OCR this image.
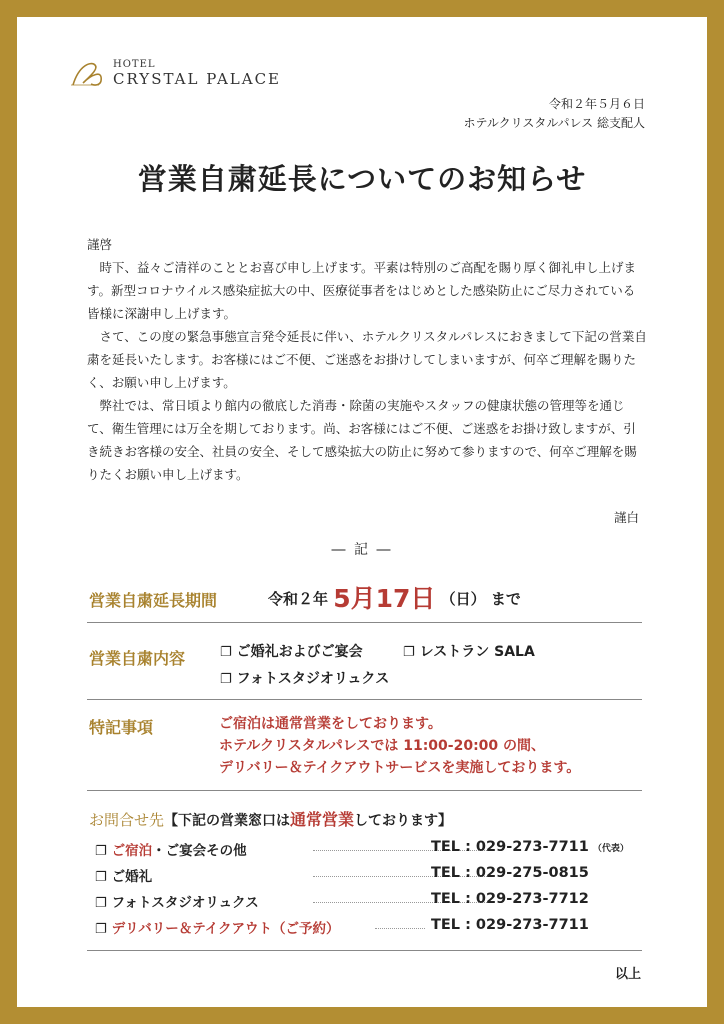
HOTEL
CRYSTAL PALACE
令和２年５月６日
ホテルクリスタルパレス 総支配人
営業自粛延長についてのお知らせ

謹啓

時下、益々ご清祥のこととお喜び申し上げます。平素は特別のご高配を賜り厚く御礼申し上げます。新型コロナウイルス感染症拡大の中、医療従事者をはじめとした感染防止にご尽力されている皆様に深謝申し上げます。

さて、この度の緊急事態宣言発令延長に伴い、ホテルクリスタルパレスにおきまして下記の営業自粛を延長いたします。お客様にはご不便、ご迷惑をお掛けしてしまいますが、何卒ご理解を賜りたく、お願い申し上げます。

弊社では、常日頃より館内の徹底した消毒・除菌の実施やスタッフの健康状態の管理等を通じて、衛生管理には万全を期しております。尚、お客様にはご不便、ご迷惑をお掛け致しますが、引き続きお客様の安全、社員の安全、そして感染拡大の防止に努めて参りますので、何卒ご理解を賜りたくお願い申し上げます。

謹白
― 記 ―
営業自粛延長期間	令和２年 5月17日 （日） まで
営業自粛内容	❐ ご婚礼およびご宴会	❐ レストラン SALA
❐ フォトスタジオリュクス
特記事項	ご宿泊は通常営業をしております。
ホテルクリスタルパレスでは 11:00-20:00 の間、
デリバリー＆テイクアウトサービスを実施しております。
お問合せ先【下記の営業窓口は通常営業しております】
❐ ご宿泊・ご宴会その他	TEL : 029-273-7711 （代表）
❐ ご婚礼	TEL : 029-275-0815
❐ フォトスタジオリュクス	TEL : 029-273-7712
❐ デリバリー＆テイクアウト（ご予約）	TEL : 029-273-7711
以上
